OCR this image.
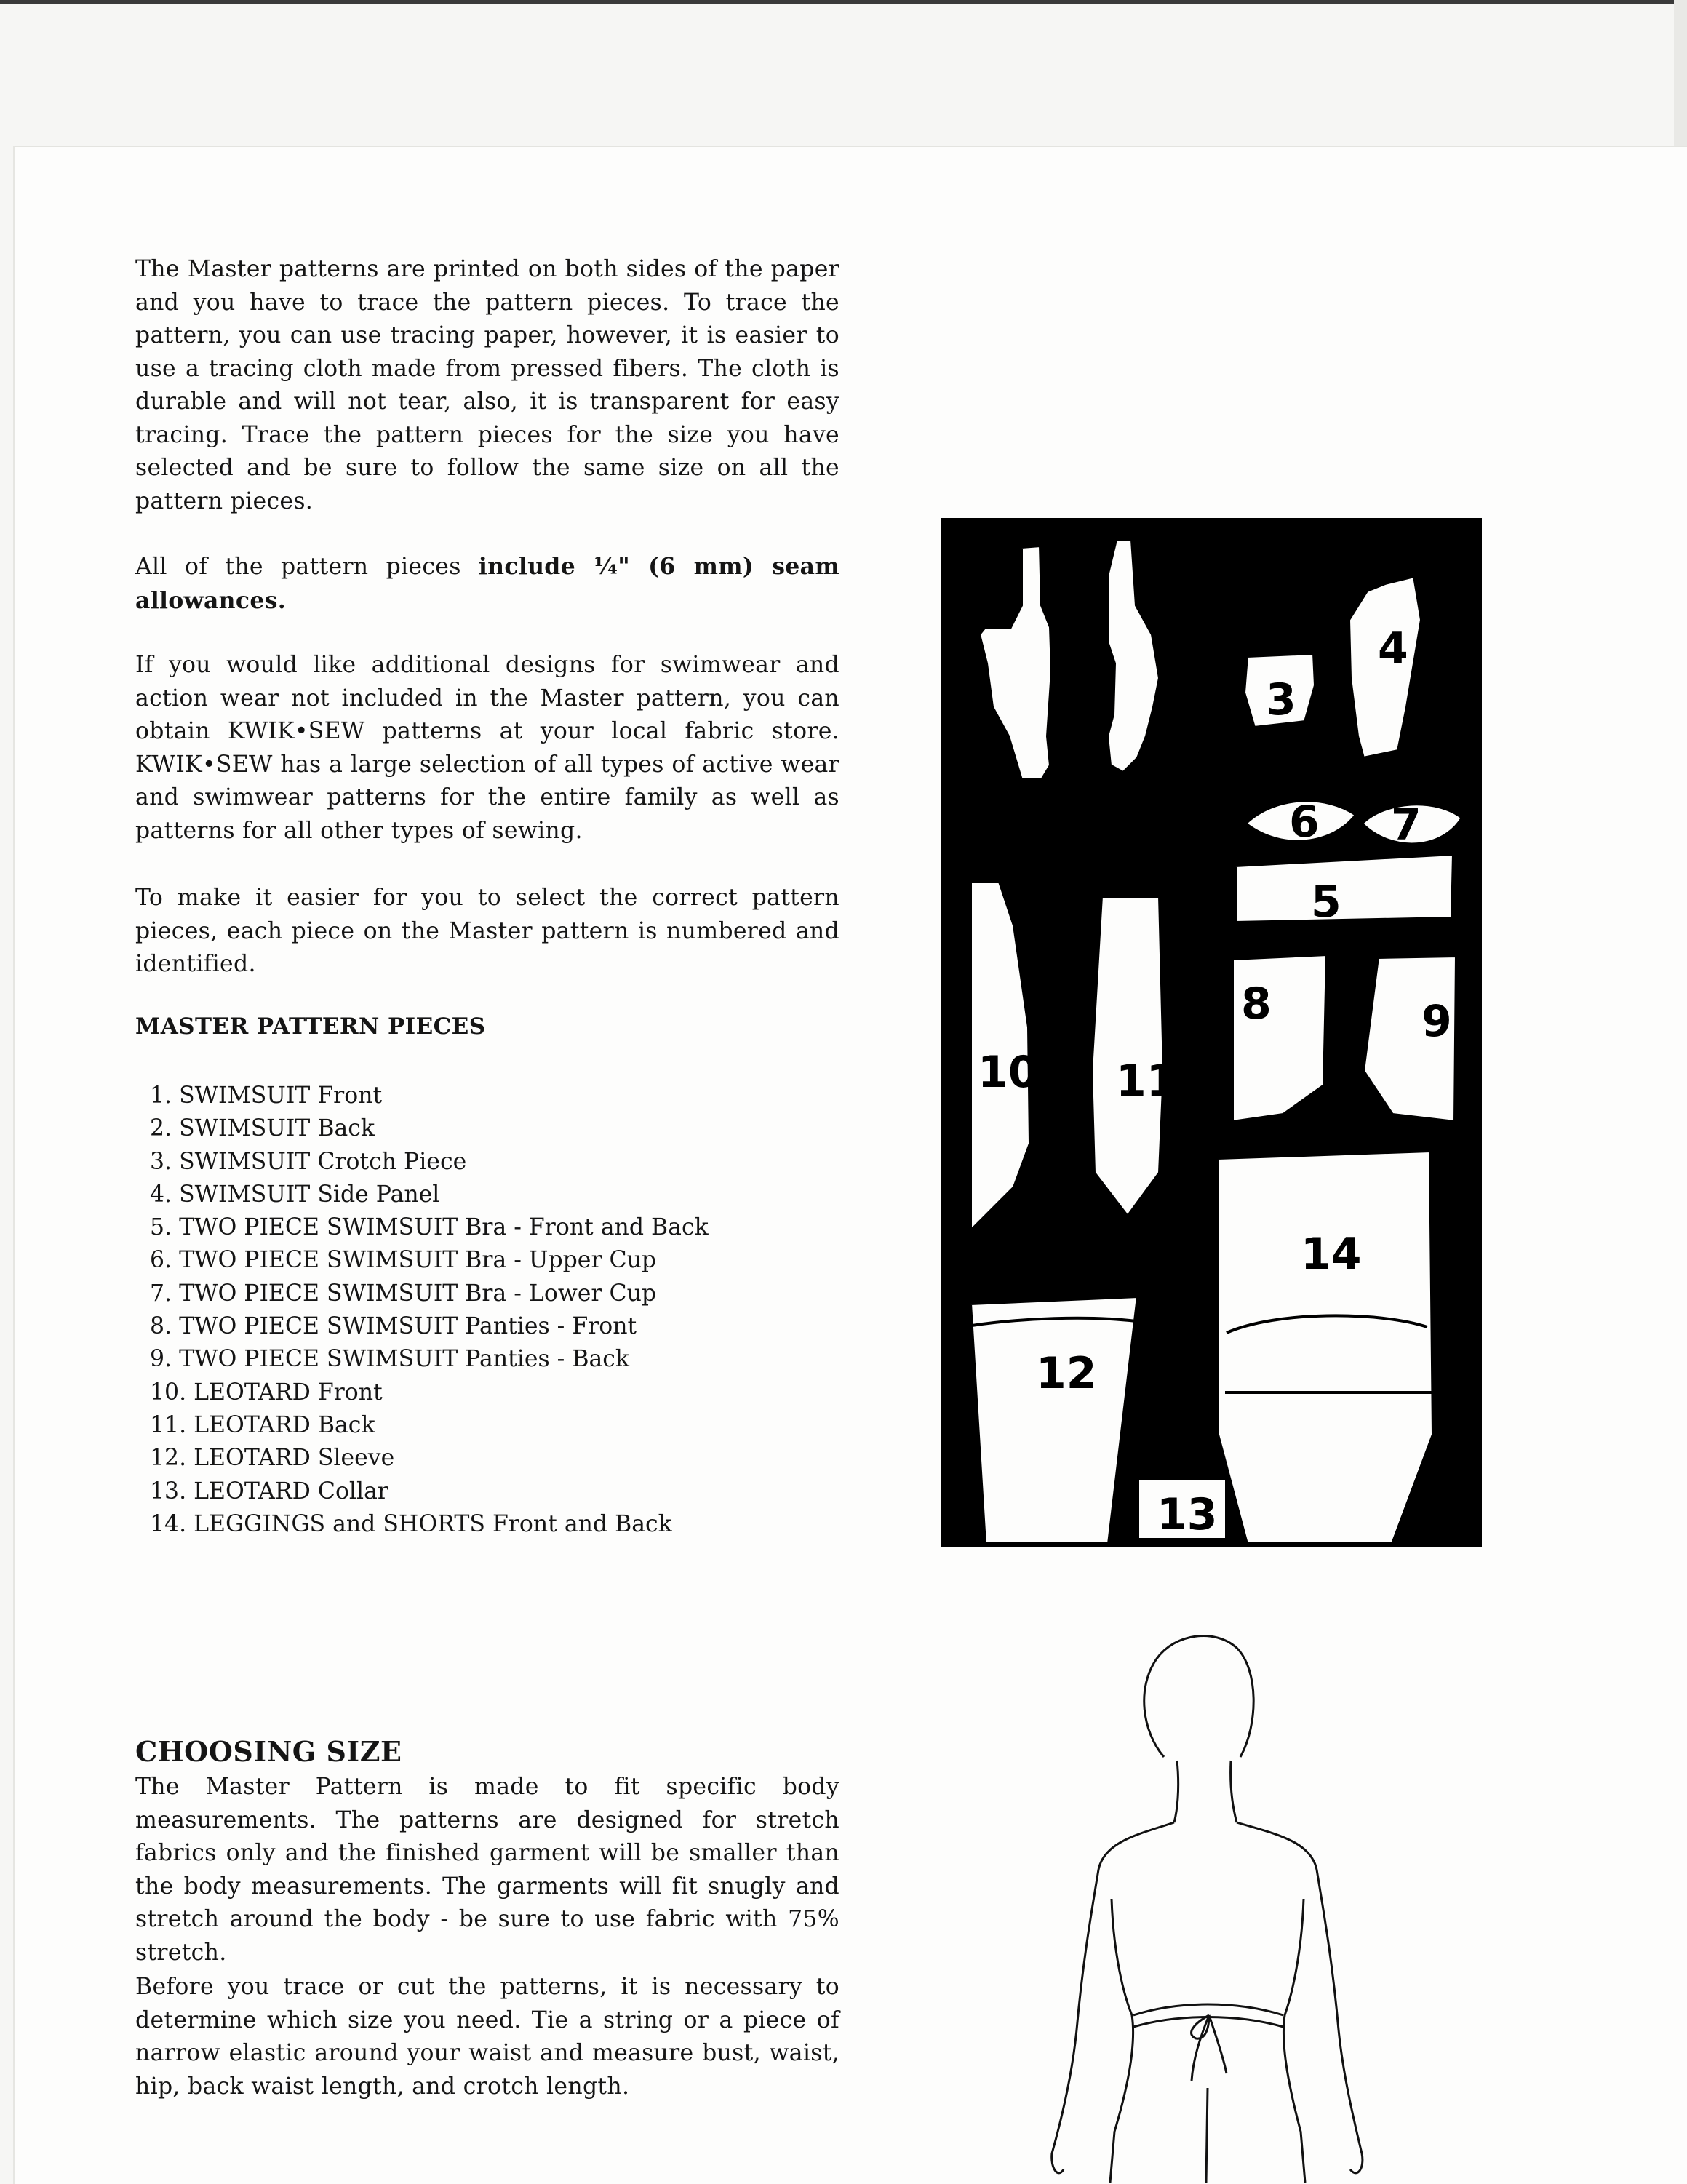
The Master patterns are printed on both sides of the paper and you have to trace the pattern pieces. To trace the pattern, you can use tracing paper, however, it is easier to use a tracing cloth made from pressed fibers. The cloth is durable and will not tear, also, it is transparent for easy tracing. Trace the pattern pieces for the size you have selected and be sure to follow the same size on all the pattern pieces.

All of the pattern pieces include ¼" (6 mm) seam allowances.

If you would like additional designs for swimwear and action wear not included in the Master pattern, you can obtain KWIK•SEW patterns at your local fabric store. KWIK•SEW has a large selection of all types of active wear and swimwear patterns for the entire family as well as patterns for all other types of sewing.

To make it easier for you to select the correct pattern pieces, each piece on the Master pattern is numbered and identified.

MASTER PATTERN PIECES
1. SWIMSUIT Front
2. SWIMSUIT Back
3. SWIMSUIT Crotch Piece
4. SWIMSUIT Side Panel
5. TWO PIECE SWIMSUIT Bra - Front and Back
6. TWO PIECE SWIMSUIT Bra - Upper Cup
7. TWO PIECE SWIMSUIT Bra - Lower Cup
8. TWO PIECE SWIMSUIT Panties - Front
9. TWO PIECE SWIMSUIT Panties - Back
10. LEOTARD Front
11. LEOTARD Back
12. LEOTARD Sleeve
13. LEOTARD Collar
14. LEGGINGS and SHORTS Front and Back
CHOOSING SIZE

The Master Pattern is made to fit specific body measurements. The patterns are designed for stretch fabrics only and the finished garment will be smaller than the body measurements. The garments will fit snugly and stretch around the body - be sure to use fabric with 75% stretch.

Before you trace or cut the patterns, it is necessary to determine which size you need. Tie a string or a piece of narrow elastic around your waist and measure bust, waist, hip, back waist length, and crotch length.

1 2
3
4
5
6 7
8	9
10 11
12
13
14
